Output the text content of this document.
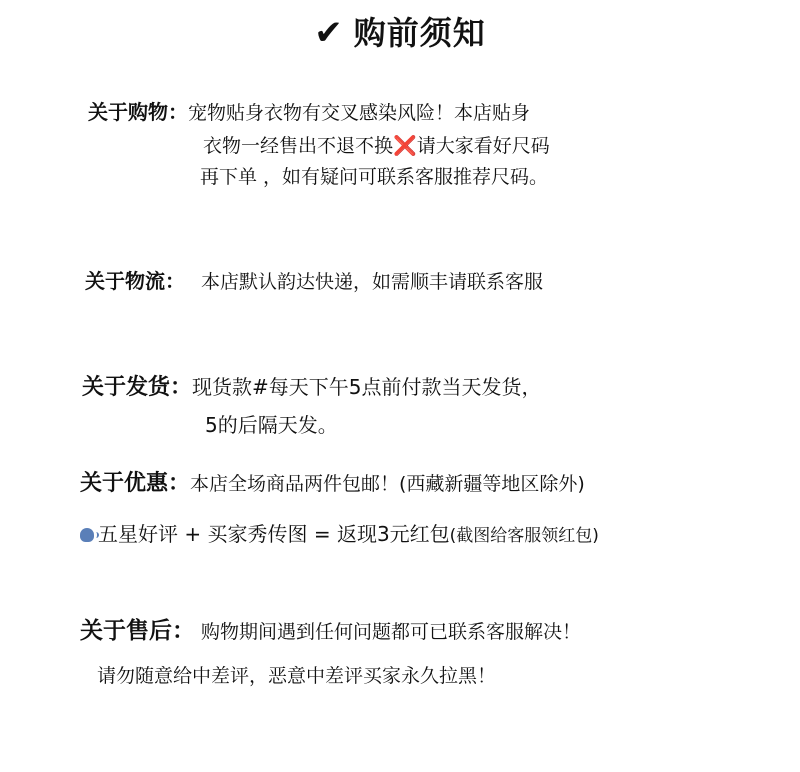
✔ 购前须知
关于购物：宠物贴身衣物有交叉感染风险！本店贴身
衣物一经售出不退不换❌请大家看好尺码
再下单 ，如有疑问可联系客服推荐尺码。
关于物流： 本店默认韵达快递，如需顺丰请联系客服
关于发货：现货款#每天下午5点前付款当天发货，
5的后隔天发。
关于优惠：本店全场商品两件包邮！(西藏新疆等地区除外)
五星好评 + 买家秀传图 = 返现3元红包(截图给客服领红包)
关于售后： 购物期间遇到任何问题都可已联系客服解决！
请勿随意给中差评，恶意中差评买家永久拉黑！
